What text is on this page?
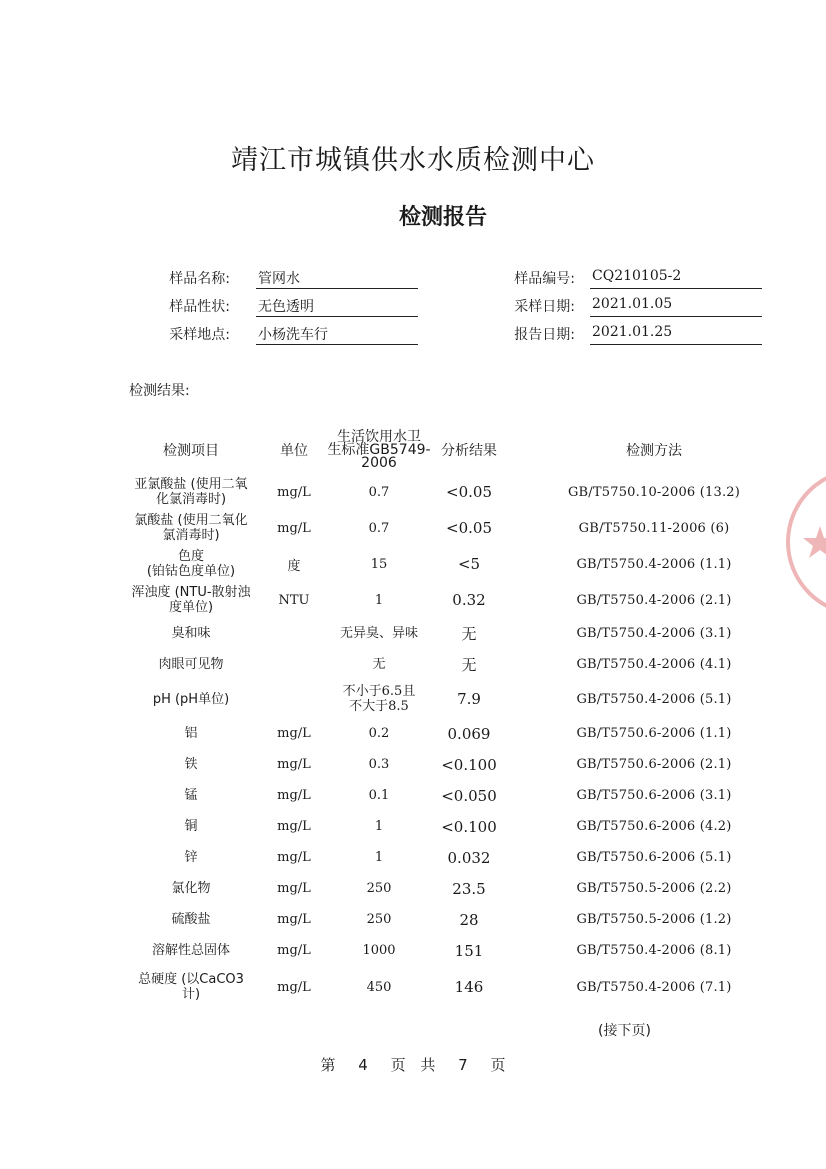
靖江市城镇供水水质检测中心
检测报告
样品名称: 管网水
样品性状: 无色透明
采样地点: 小杨洗车行
样品编号: CQ210105-2
采样日期: 2021.01.05
报告日期: 2021.01.25
检测结果:
检测项目	单位	生活饮用水卫
生标准GB5749-
2006	分析结果	检测方法

亚氯酸盐 (使用二氧
化氯消毒时)	mg/L	0.7	<0.05	GB/T5750.10-2006 (13.2)

氯酸盐 (使用二氧化
氯消毒时)	mg/L	0.7	<0.05	GB/T5750.11-2006 (6)

色度
(铂钴色度单位)	度	15	<5	GB/T5750.4-2006 (1.1)

浑浊度 (NTU-散射浊
度单位)	NTU	1	0.32	GB/T5750.4-2006 (2.1)

臭和味		无异臭、异味	无	GB/T5750.4-2006 (3.1)

肉眼可见物		无	无	GB/T5750.4-2006 (4.1)

pH (pH单位)		不小于6.5且
不大于8.5	7.9	GB/T5750.4-2006 (5.1)

铝	mg/L	0.2	0.069	GB/T5750.6-2006 (1.1)

铁	mg/L	0.3	<0.100	GB/T5750.6-2006 (2.1)

锰	mg/L	0.1	<0.050	GB/T5750.6-2006 (3.1)

铜	mg/L	1	<0.100	GB/T5750.6-2006 (4.2)

锌	mg/L	1	0.032	GB/T5750.6-2006 (5.1)

氯化物	mg/L	250	23.5	GB/T5750.5-2006 (2.2)

硫酸盐	mg/L	250	28	GB/T5750.5-2006 (1.2)

溶解性总固体	mg/L	1000	151	GB/T5750.4-2006 (8.1)

总硬度 (以CaCO3
计)	mg/L	450	146	GB/T5750.4-2006 (7.1)
(接下页)
第 4 页 共 7 页
